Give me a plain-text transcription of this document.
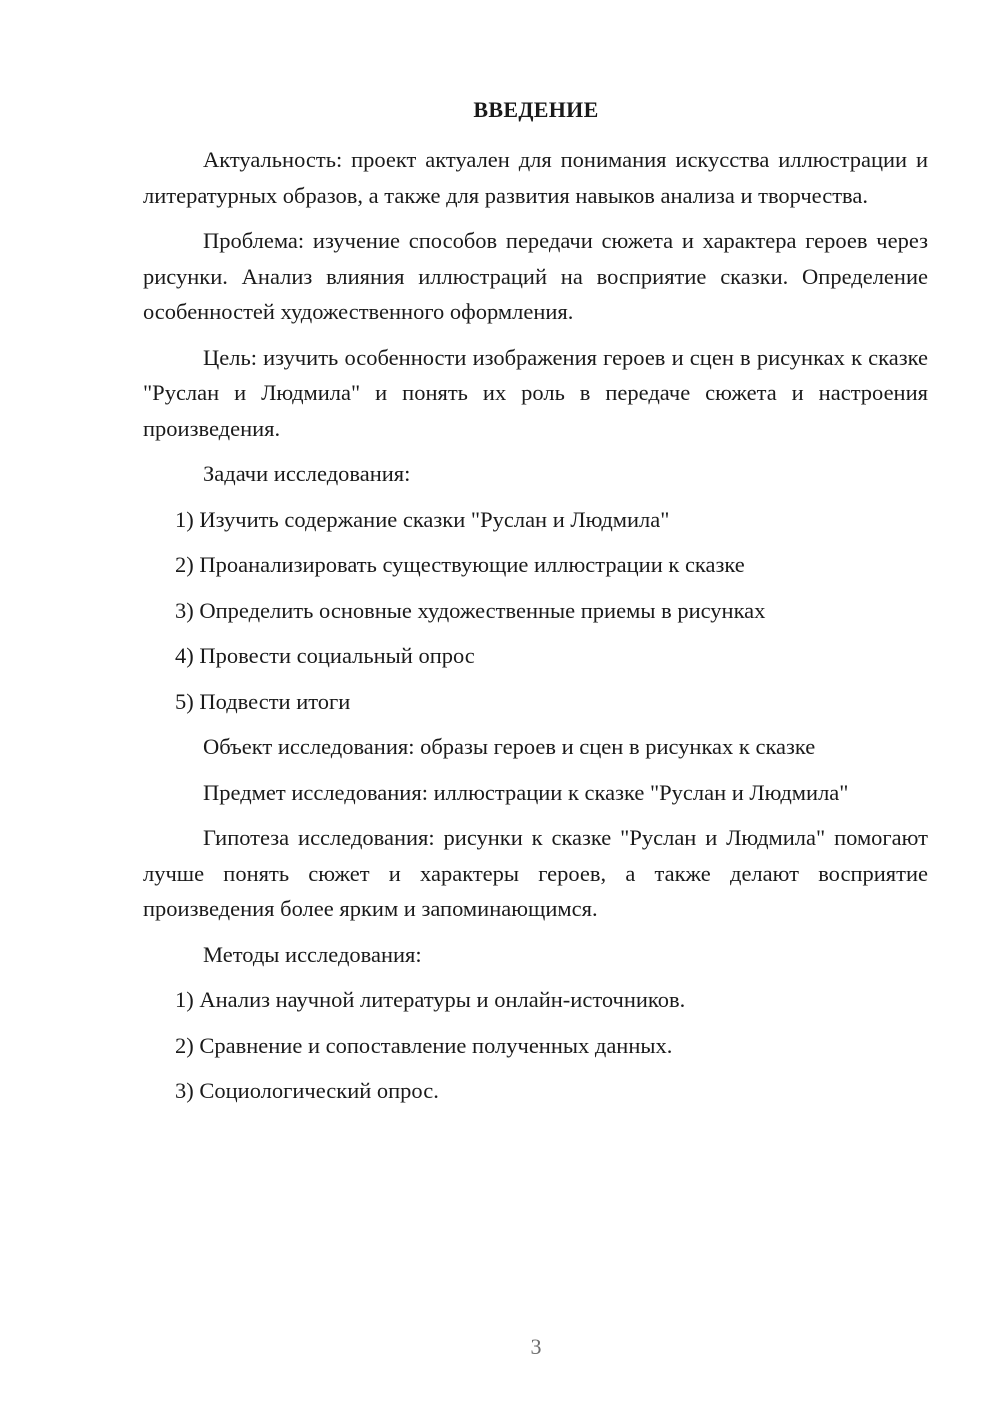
ВВЕДЕНИЕ

Актуальность: проект актуален для понимания искусства иллюстрации и литературных образов, а также для развития навыков анализа и творчества.

Проблема: изучение способов передачи сюжета и характера героев через рисунки. Анализ влияния иллюстраций на восприятие сказки. Определение особенностей художественного оформления.

Цель: изучить особенности изображения героев и сцен в рисунках к сказке "Руслан и Людмила" и понять их роль в передаче сюжета и настроения произведения.

Задачи исследования:

1) Изучить содержание сказки "Руслан и Людмила"

2) Проанализировать существующие иллюстрации к сказке

3) Определить основные художественные приемы в рисунках

4) Провести социальный опрос

5) Подвести итоги

Объект исследования: образы героев и сцен в рисунках к сказке

Предмет исследования: иллюстрации к сказке "Руслан и Людмила"

Гипотеза исследования: рисунки к сказке "Руслан и Людмила" помогают лучше понять сюжет и характеры героев, а также делают восприятие произведения более ярким и запоминающимся.

Методы исследования:

1) Анализ научной литературы и онлайн-источников.

2) Сравнение и сопоставление полученных данных.

3) Социологический опрос.

3
